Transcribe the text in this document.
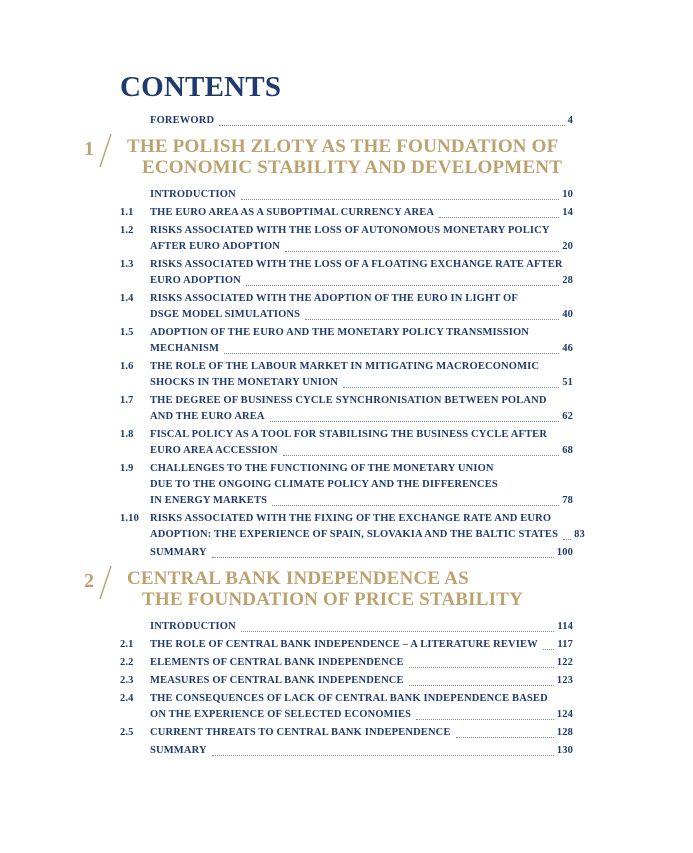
CONTENTS
FOREWORD	4
1 THE POLISH ZLOTY AS THE FOUNDATION OF
ECONOMIC STABILITY AND DEVELOPMENT
INTRODUCTION	10
1.1	THE EURO AREA AS A SUBOPTIMAL CURRENCY AREA	14
1.2	RISKS ASSOCIATED WITH THE LOSS OF AUTONOMOUS MONETARY POLICY
AFTER EURO ADOPTION	20
1.3	RISKS ASSOCIATED WITH THE LOSS OF A FLOATING EXCHANGE RATE AFTER
EURO ADOPTION	28
1.4	RISKS ASSOCIATED WITH THE ADOPTION OF THE EURO IN LIGHT OF
DSGE MODEL SIMULATIONS	40
1.5	ADOPTION OF THE EURO AND THE MONETARY POLICY TRANSMISSION
MECHANISM	46
1.6	THE ROLE OF THE LABOUR MARKET IN MITIGATING MACROECONOMIC
SHOCKS IN THE MONETARY UNION	51
1.7	THE DEGREE OF BUSINESS CYCLE SYNCHRONISATION BETWEEN POLAND
AND THE EURO AREA	62
1.8	FISCAL POLICY AS A TOOL FOR STABILISING THE BUSINESS CYCLE AFTER
EURO AREA ACCESSION	68
1.9	CHALLENGES TO THE FUNCTIONING OF THE MONETARY UNION
DUE TO THE ONGOING CLIMATE POLICY AND THE DIFFERENCES
IN ENERGY MARKETS	78
1.10	RISKS ASSOCIATED WITH THE FIXING OF THE EXCHANGE RATE AND EURO
ADOPTION: THE EXPERIENCE OF SPAIN, SLOVAKIA AND THE BALTIC STATES 83
SUMMARY	100
2 CENTRAL BANK INDEPENDENCE AS
THE FOUNDATION OF PRICE STABILITY
INTRODUCTION	114
2.1	THE ROLE OF CENTRAL BANK INDEPENDENCE – A LITERATURE REVIEW 117
2.2	ELEMENTS OF CENTRAL BANK INDEPENDENCE	122
2.3	MEASURES OF CENTRAL BANK INDEPENDENCE	123
2.4	THE CONSEQUENCES OF LACK OF CENTRAL BANK INDEPENDENCE BASED
ON THE EXPERIENCE OF SELECTED ECONOMIES	124
2.5	CURRENT THREATS TO CENTRAL BANK INDEPENDENCE	128
SUMMARY	130
